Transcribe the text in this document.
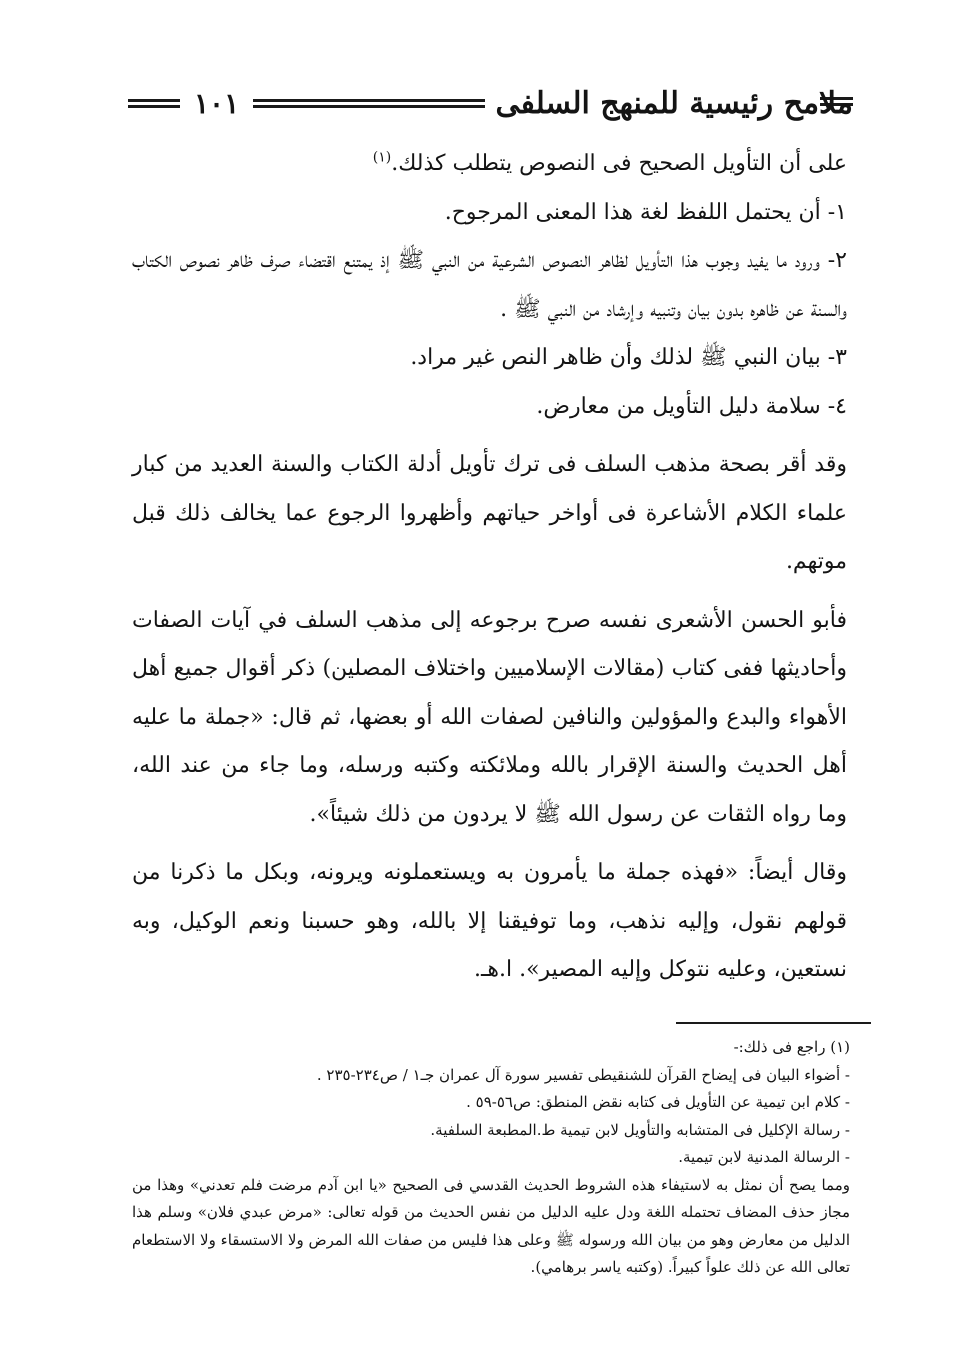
ملامح رئيسية للمنهج السلفى
١٠١

على أن التأويل الصحيح فى النصوص يتطلب كذلك.$^{(١)}$

١- أن يحتمل اللفظ لغة هذا المعنى المرجوح.
٢- ورود ما يفيد وجوب هذا التأويل لظاهر النصوص الشرعية من النبي ﷺ إذ يمتنع اقتضاء صرف ظاهر نصوص الكتاب والسنة عن ظاهره بدون بيان وتنبيه وإرشاد من النبي ﷺ .
٣- بيان النبي ﷺ لذلك وأن ظاهر النص غير مراد.
٤- سلامة دليل التأويل من معارض.

وقد أقر بصحة مذهب السلف فى ترك تأويل أدلة الكتاب والسنة العديد من كبار علماء الكلام الأشاعرة فى أواخر حياتهم وأظهروا الرجوع عما يخالف ذلك قبل موتهم.

فأبو الحسن الأشعرى نفسه صرح برجوعه إلى مذهب السلف في آيات الصفات وأحاديثها ففى كتاب (مقالات الإسلاميين واختلاف المصلين) ذكر أقوال جميع أهل الأهواء والبدع والمؤولين والنافين لصفات الله أو بعضها، ثم قال: «جملة ما عليه أهل الحديث والسنة الإقرار بالله وملائكته وكتبه ورسله، وما جاء من عند الله، وما رواه الثقات عن رسول الله ﷺ لا يردون من ذلك شيئاً».

وقال أيضاً: «فهذه جملة ما يأمرون به ويستعملونه ويرونه، وبكل ما ذكرنا من قولهم نقول، وإليه نذهب، وما توفيقنا إلا بالله، وهو حسبنا ونعم الوكيل، وبه نستعين، وعليه نتوكل وإليه المصير». ا.هـ.

(١) راجع فى ذلك:-

- أضواء البيان فى إيضاح القرآن للشنقيطى تفسير سورة آل عمران جـ١ / ص٢٣٤-٢٣٥ .
- كلام ابن تيمية عن التأويل فى كتابه نقض المنطق: ص٥٦-٥٩ .
- رسالة الإكليل فى المتشابه والتأويل لابن تيمية ط.المطبعة السلفية.
- الرسالة المدنية لابن تيمية.

ومما يصح أن نمثل به لاستيفاء هذه الشروط الحديث القدسي فى الصحيح «يا ابن آدم مرضت فلم تعدني» وهذا من مجاز حذف المضاف تحتمله اللغة ودل عليه الدليل من نفس الحديث من قوله تعالى: «مرض عبدي فلان» وسلم هذا الدليل من معارض وهو من بيان الله ورسوله ﷺ وعلى هذا فليس من صفات الله المرض ولا الاستسقاء ولا الاستطعام تعالى الله عن ذلك علواً كبيراً. (وكتبه ياسر برهامي).
